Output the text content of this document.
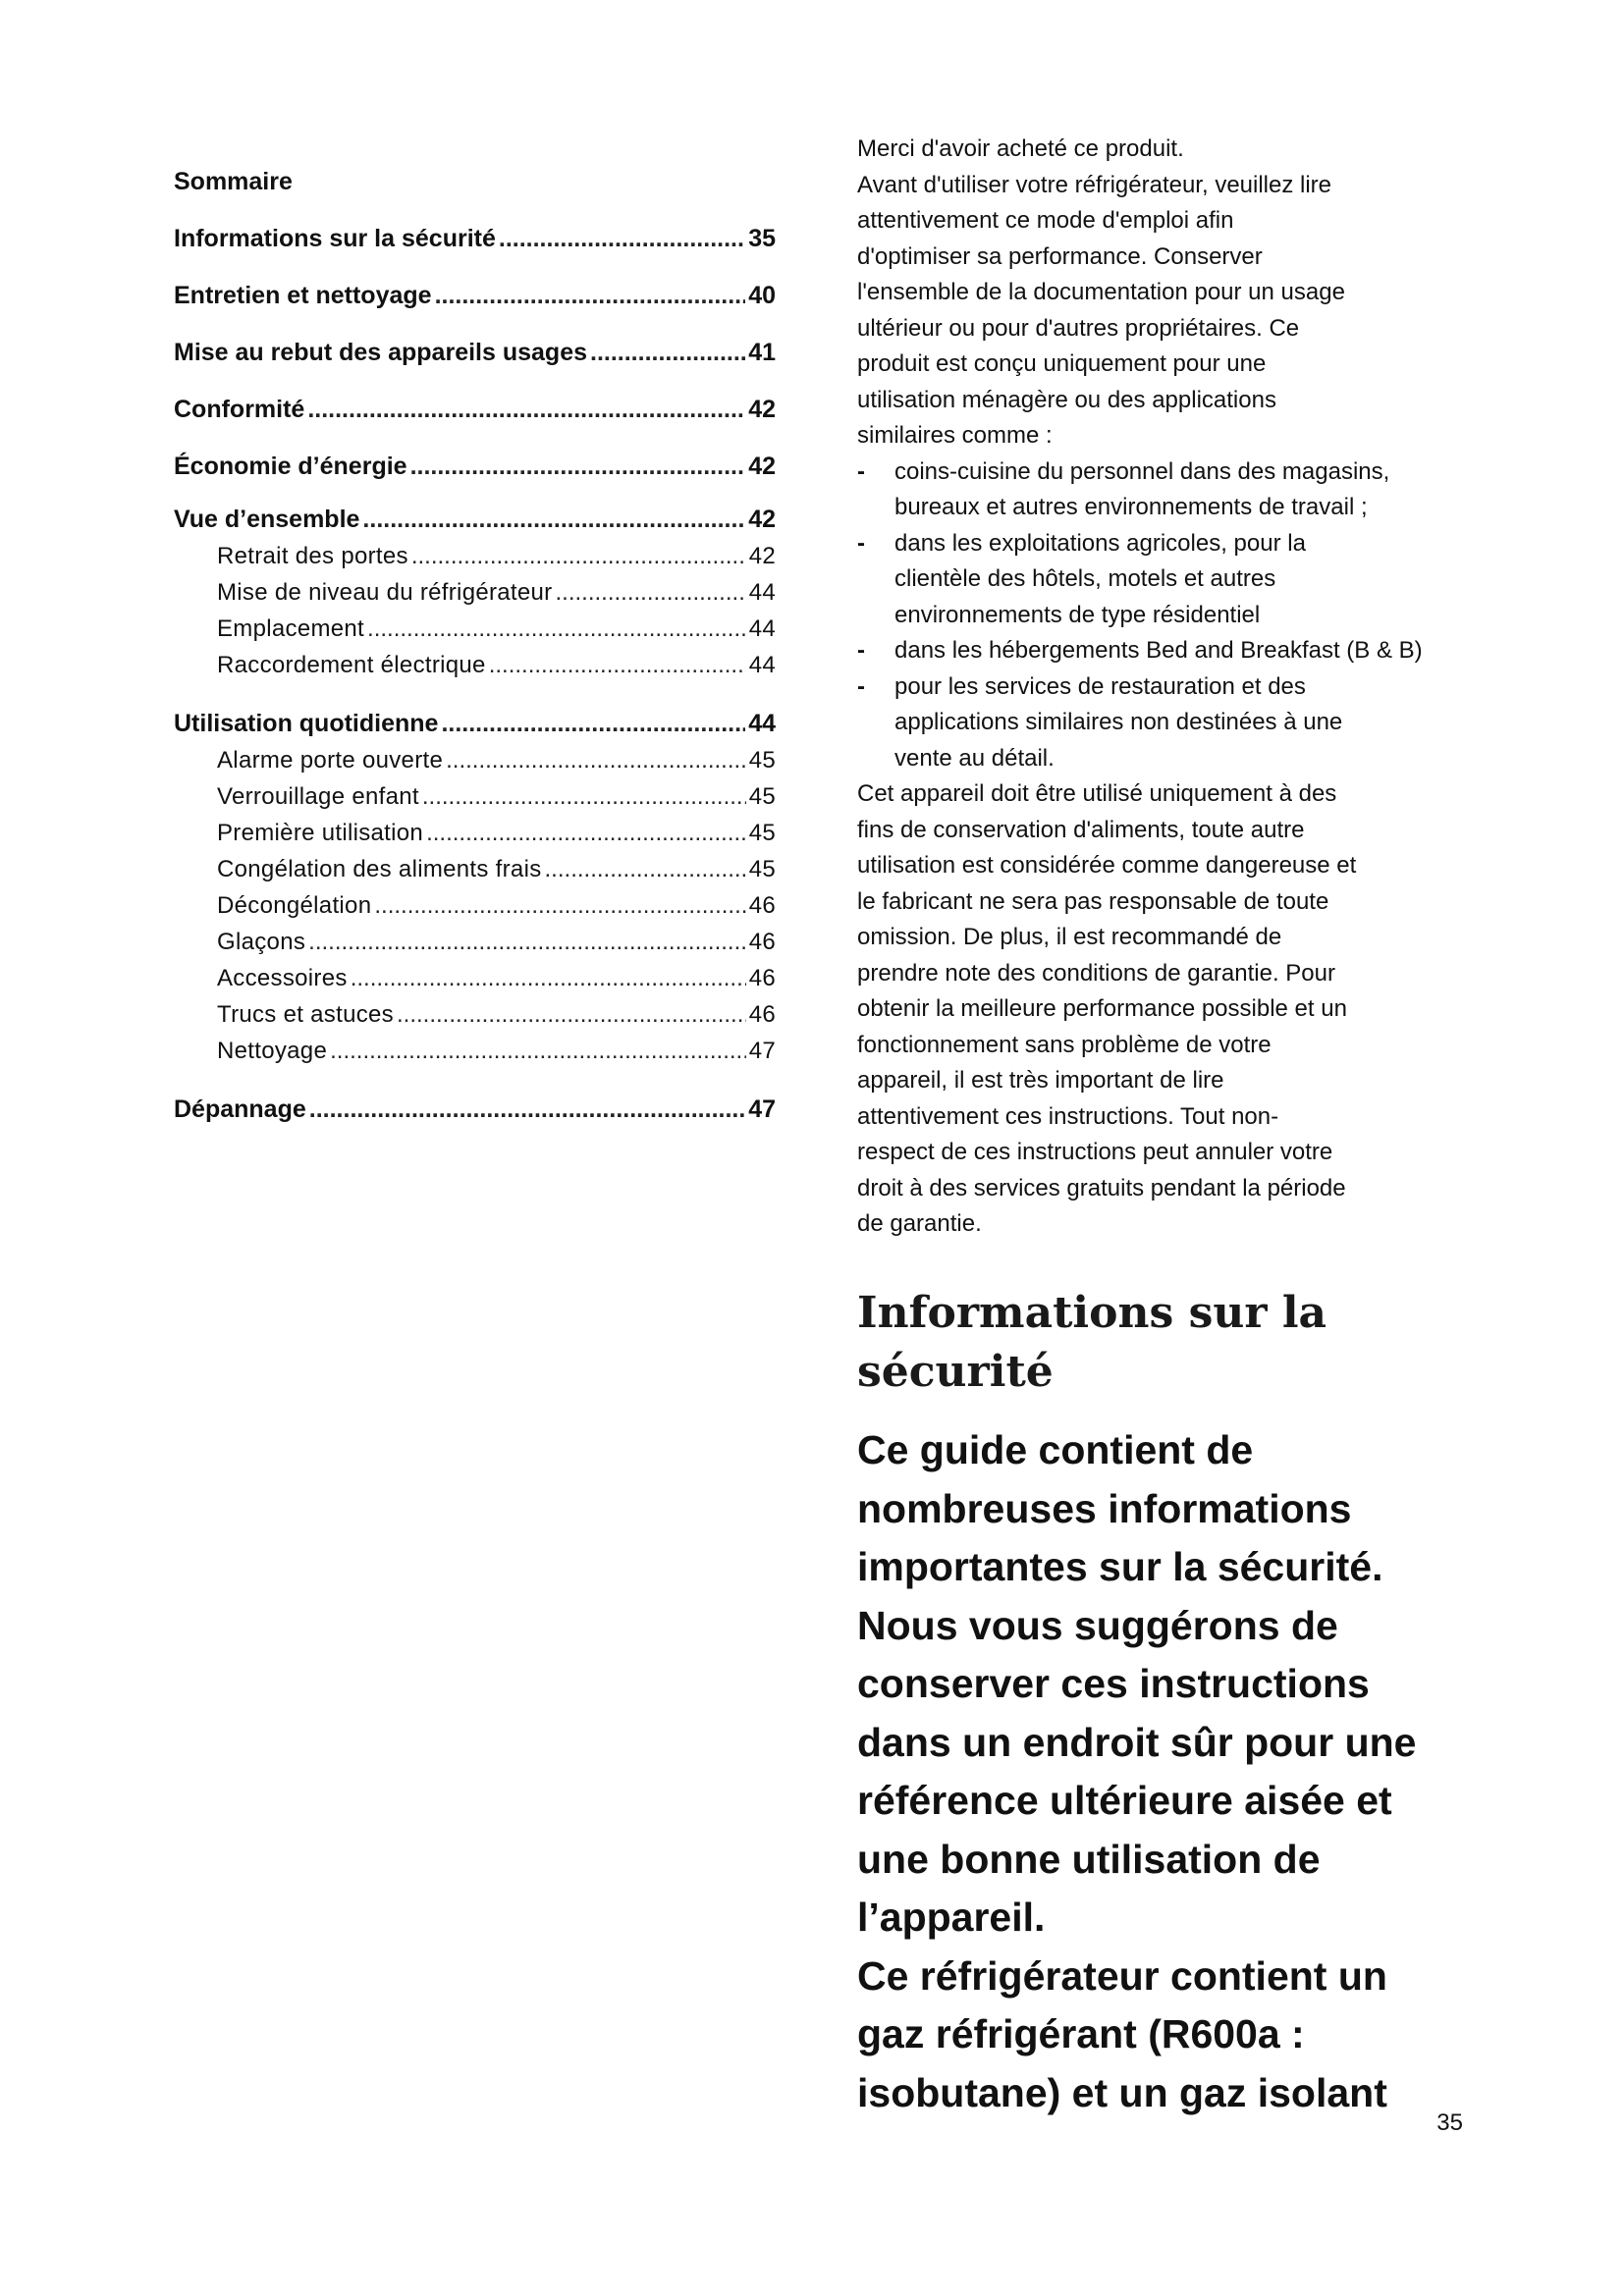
Sommaire
Informations sur la sécurité .....	35
Entretien et nettoyage .....	40
Mise au rebut des appareils usages .....	41
Conformité .....	42
Économie d’énergie .....	42
Vue d’ensemble .....	42
Retrait des portes .....	42
Mise de niveau du réfrigérateur .....	44
Emplacement .....	44
Raccordement électrique .....	44
Utilisation quotidienne .....	44
Alarme porte ouverte .....	45
Verrouillage enfant .....	45
Première utilisation .....	45
Congélation des aliments frais .....	45
Décongélation .....	46
Glaçons .....	46
Accessoires .....	46
Trucs et astuces .....	46
Nettoyage .....	47
Dépannage .....	47

Merci d'avoir acheté ce produit.
Avant d'utiliser votre réfrigérateur, veuillez lire
attentivement ce mode d'emploi afin
d'optimiser sa performance. Conserver
l'ensemble de la documentation pour un usage
ultérieur ou pour d'autres propriétaires. Ce
produit est conçu uniquement pour une
utilisation ménagère ou des applications
similaires comme :

- coins-cuisine du personnel dans des magasins,
bureaux et autres environnements de travail ;
- dans les exploitations agricoles, pour la
clientèle des hôtels, motels et autres
environnements de type résidentiel
- dans les hébergements Bed and Breakfast (B & B)
- pour les services de restauration et des
applications similaires non destinées à une
vente au détail.

Cet appareil doit être utilisé uniquement à des
fins de conservation d'aliments, toute autre
utilisation est considérée comme dangereuse et
le fabricant ne sera pas responsable de toute
omission. De plus, il est recommandé de
prendre note des conditions de garantie. Pour
obtenir la meilleure performance possible et un
fonctionnement sans problème de votre
appareil, il est très important de lire
attentivement ces instructions. Tout non-
respect de ces instructions peut annuler votre
droit à des services gratuits pendant la période
de garantie.

Informations sur la
sécurité

Ce guide contient de
nombreuses informations
importantes sur la sécurité.
Nous vous suggérons de
conserver ces instructions
dans un endroit sûr pour une
référence ultérieure aisée et
une bonne utilisation de
l’appareil.

Ce réfrigérateur contient un
gaz réfrigérant (R600a :
isobutane) et un gaz isolant

35
